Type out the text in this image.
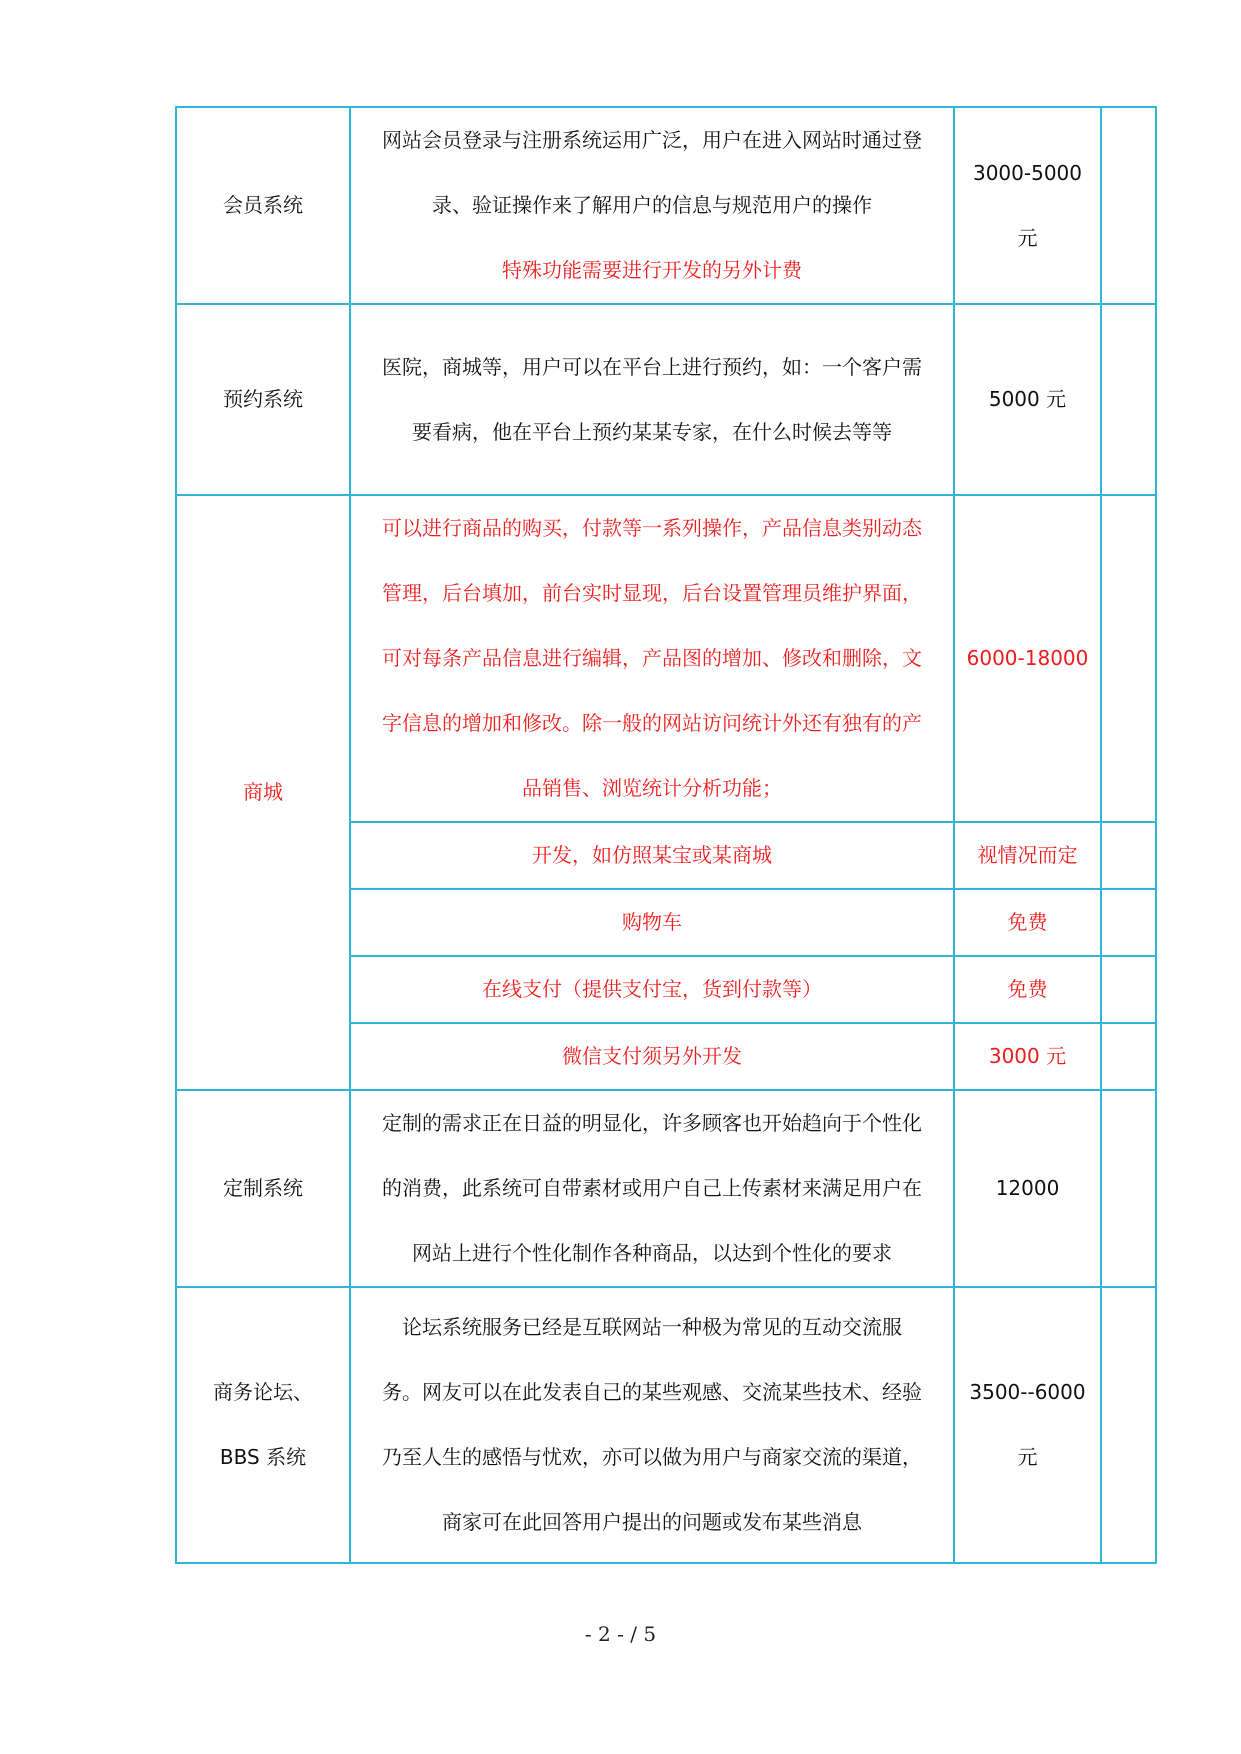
会员系统	网站会员登录与注册系统运用广泛，用户在进入网站时通过登
录、验证操作来了解用户的信息与规范用户的操作
特殊功能需要进行开发的另外计费	3000-5000
元	

预约系统	医院，商城等，用户可以在平台上进行预约，如：一个客户需
要看病，他在平台上预约某某专家，在什么时候去等等	5000 元	
商城	可以进行商品的购买，付款等一系列操作，产品信息类别动态
管理，后台填加，前台实时显现，后台设置管理员维护界面，
可对每条产品信息进行编辑，产品图的增加、修改和删除，文
字信息的增加和修改。除一般的网站访问统计外还有独有的产
品销售、浏览统计分析功能；	6000-18000	
	开发，如仿照某宝或某商城	视情况而定	
	购物车	免费	
	在线支付（提供支付宝，货到付款等）	免费	
	微信支付须另外开发	3000 元	
定制系统	定制的需求正在日益的明显化，许多顾客也开始趋向于个性化
的消费，此系统可自带素材或用户自己上传素材来满足用户在
网站上进行个性化制作各种商品，以达到个性化的要求	12000	

商务论坛、
BBS 系统	论坛系统服务已经是互联网站一种极为常见的互动交流服
务。网友可以在此发表自己的某些观感、交流某些技术、经验
乃至人生的感悟与忧欢，亦可以做为用户与商家交流的渠道，
商家可在此回答用户提出的问题或发布某些消息	3500--6000
元	

- 2 - / 5
